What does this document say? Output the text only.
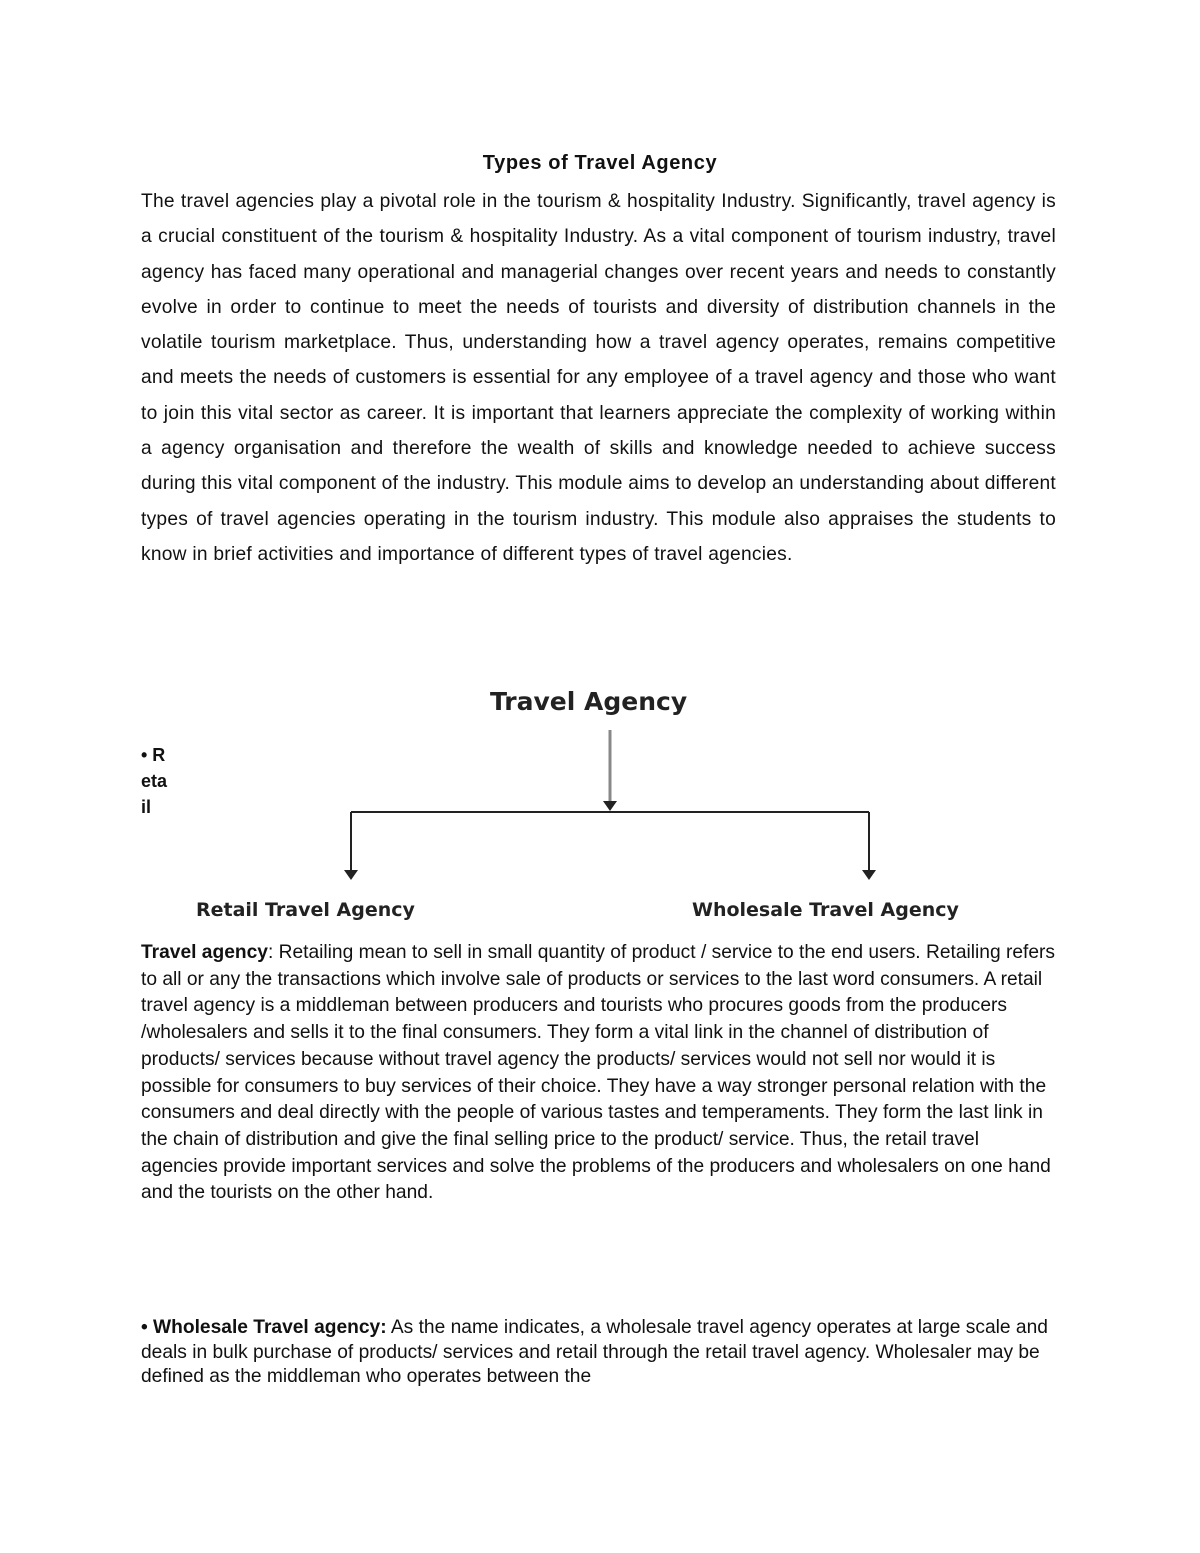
Types of Travel Agency
The travel agencies play a pivotal role in the tourism & hospitality Industry. Significantly, travel agency is a crucial constituent of the tourism & hospitality Industry. As a vital component of tourism industry, travel agency has faced many operational and managerial changes over recent years and needs to constantly evolve in order to continue to meet the needs of tourists and diversity of distribution channels in the volatile tourism marketplace. Thus, understanding how a travel agency operates, remains competitive and meets the needs of customers is essential for any employee of a travel agency and those who want to join this vital sector as career. It is important that learners appreciate the complexity of working within a agency organisation and therefore the wealth of skills and knowledge needed to achieve success during this vital component of the industry. This module aims to develop an understanding about different types of travel agencies operating in the tourism industry. This module also appraises the students to know in brief activities and importance of different types of travel agencies.
• R
eta
il
Travel Agency
Retail Travel Agency	Wholesale Travel Agency
Travel agency: Retailing mean to sell in small quantity of product / service to the end users. Retailing refers to all or any the transactions which involve sale of products or services to the last word consumers. A retail travel agency is a middleman between producers and tourists who procures goods from the producers /wholesalers and sells it to the final consumers. They form a vital link in the channel of distribution of products/ services because without travel agency the products/ services would not sell nor would it is possible for consumers to buy services of their choice. They have a way stronger personal relation with the consumers and deal directly with the people of various tastes and temperaments. They form the last link in the chain of distribution and give the final selling price to the product/ service. Thus, the retail travel agencies provide important services and solve the problems of the producers and wholesalers on one hand and the tourists on the other hand.
• Wholesale Travel agency: As the name indicates, a wholesale travel agency operates at large scale and deals in bulk purchase of products/ services and retail through the retail travel agency. Wholesaler may be defined as the middleman who operates between the
